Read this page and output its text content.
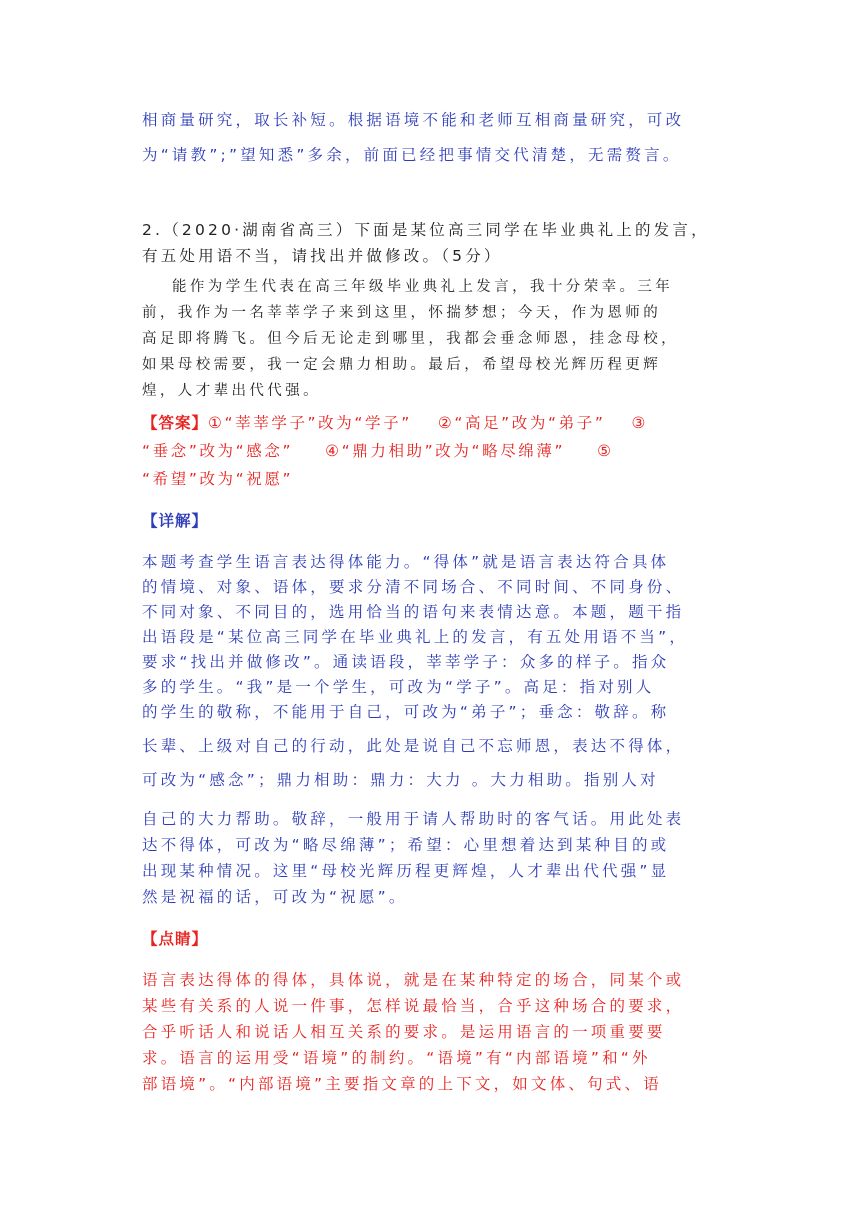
相商量研究，取长补短。根据语境不能和老师互相商量研究，可改
为“请教”;”望知悉”多余，前面已经把事情交代清楚，无需赘言。
2.（2020·湖南省高三）下面是某位高三同学在毕业典礼上的发言，
有五处用语不当，请找出并做修改。（5分）
能作为学生代表在高三年级毕业典礼上发言，我十分荣幸。三年
前，我作为一名莘莘学子来到这里，怀揣梦想；今天，作为恩师的
高足即将腾飞。但今后无论走到哪里，我都会垂念师恩，挂念母校，
如果母校需要，我一定会鼎力相助。最后，希望母校光辉历程更辉
煌，人才辈出代代强。
【答案】①“莘莘学子”改为“学子” ②“高足”改为“弟子” ③
“垂念”改为“感念” ④“鼎力相助”改为“略尽绵薄” ⑤
“希望”改为“祝愿”
【详解】
本题考查学生语言表达得体能力。“得体”就是语言表达符合具体
的情境、对象、语体，要求分清不同场合、不同时间、不同身份、
不同对象、不同目的，选用恰当的语句来表情达意。本题，题干指
出语段是“某位高三同学在毕业典礼上的发言，有五处用语不当”，
要求“找出并做修改”。通读语段，莘莘学子：众多的样子。指众
多的学生。“我”是一个学生，可改为“学子”。高足：指对别人
的学生的敬称，不能用于自己，可改为“弟子”；垂念：敬辞。称
长辈、上级对自己的行动，此处是说自己不忘师恩，表达不得体，
可改为“感念”；鼎力相助：鼎力：大力 。大力相助。指别人对
自己的大力帮助。敬辞，一般用于请人帮助时的客气话。用此处表
达不得体，可改为“略尽绵薄”；希望：心里想着达到某种目的或
出现某种情况。这里“母校光辉历程更辉煌，人才辈出代代强”显
然是祝福的话，可改为“祝愿”。
【点睛】
语言表达得体的得体，具体说，就是在某种特定的场合，同某个或
某些有关系的人说一件事，怎样说最恰当，合乎这种场合的要求，
合乎听话人和说话人相互关系的要求。是运用语言的一项重要要
求。语言的运用受“语境”的制约。“语境”有“内部语境”和“外
部语境”。“内部语境”主要指文章的上下文，如文体、句式、语
